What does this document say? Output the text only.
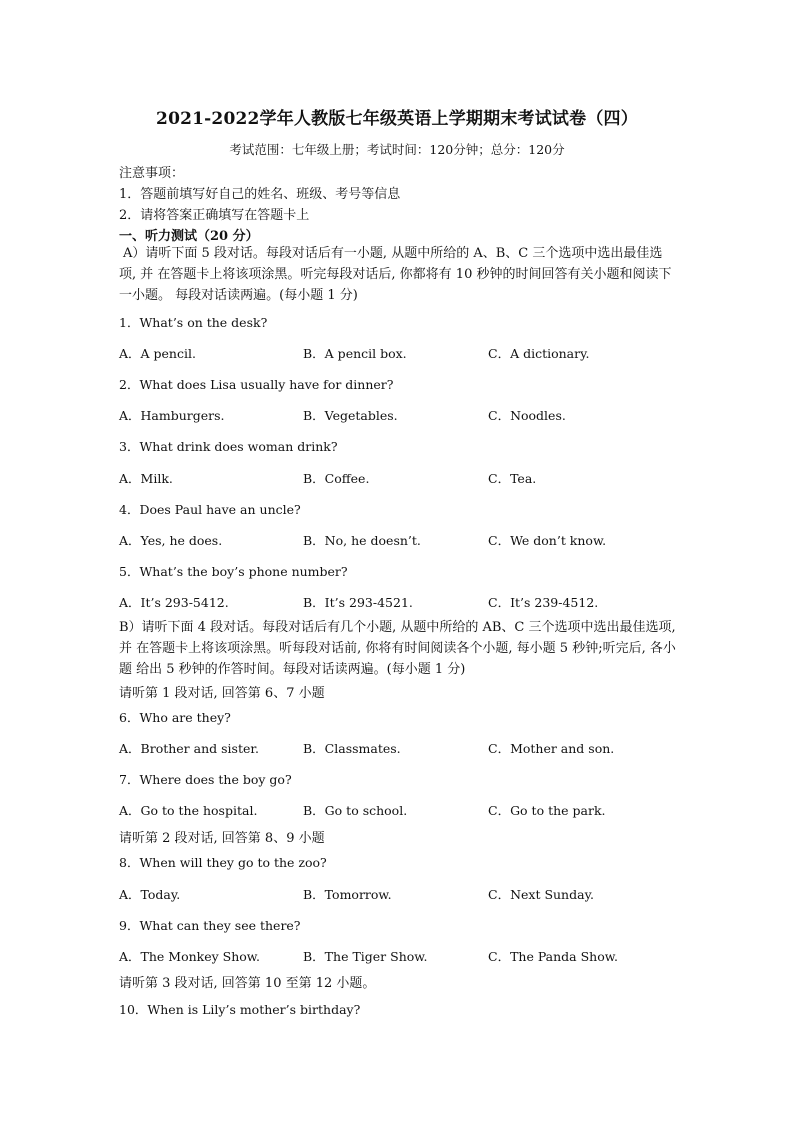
2021-2022学年人教版七年级英语上学期期末考试试卷（四）
考试范围：七年级上册；考试时间：120分钟；总分：120分
注意事项：
1．答题前填写好自己的姓名、班级、考号等信息
2．请将答案正确填写在答题卡上
一、听力测试（20 分）
A）请听下面 5 段对话。每段对话后有一小题, 从题中所给的 A、B、C 三个选项中选出最佳选项, 并 在答题卡上将该项涂黑。听完每段对话后, 你都将有 10 秒钟的时间回答有关小题和阅读下一小题。 每段对话读两遍。(每小题 1 分)
1．What’s on the desk?
A．A pencil.	B．A pencil box.	C．A dictionary.
2．What does Lisa usually have for dinner?
A．Hamburgers.	B．Vegetables.	C．Noodles.
3．What drink does woman drink?
A．Milk.	B．Coffee.	C．Tea.
4．Does Paul have an uncle?
A．Yes, he does.	B．No, he doesn’t.	C．We don’t know.
5．What’s the boy’s phone number?
A．It’s 293-5412.	B．It’s 293-4521.	C．It’s 239-4512.
B）请听下面 4 段对话。每段对话后有几个小题, 从题中所给的 AB、C 三个选项中选出最佳选项, 并 在答题卡上将该项涂黑。听每段对话前, 你将有时间阅读各个小题, 每小题 5 秒钟;听完后, 各小题 给出 5 秒钟的作答时间。每段对话读两遍。(每小题 1 分)
请听第 1 段对话, 回答第 6、7 小题
6．Who are they?
A．Brother and sister.	B．Classmates.	C．Mother and son.
7．Where does the boy go?
A．Go to the hospital.	B．Go to school.	C．Go to the park.
请听第 2 段对话, 回答第 8、9 小题
8．When will they go to the zoo?
A．Today.	B．Tomorrow.	C．Next Sunday.
9．What can they see there?
A．The Monkey Show.	B．The Tiger Show.	C．The Panda Show.
请听第 3 段对话, 回答第 10 至第 12 小题。
10．When is Lily’s mother’s birthday?
